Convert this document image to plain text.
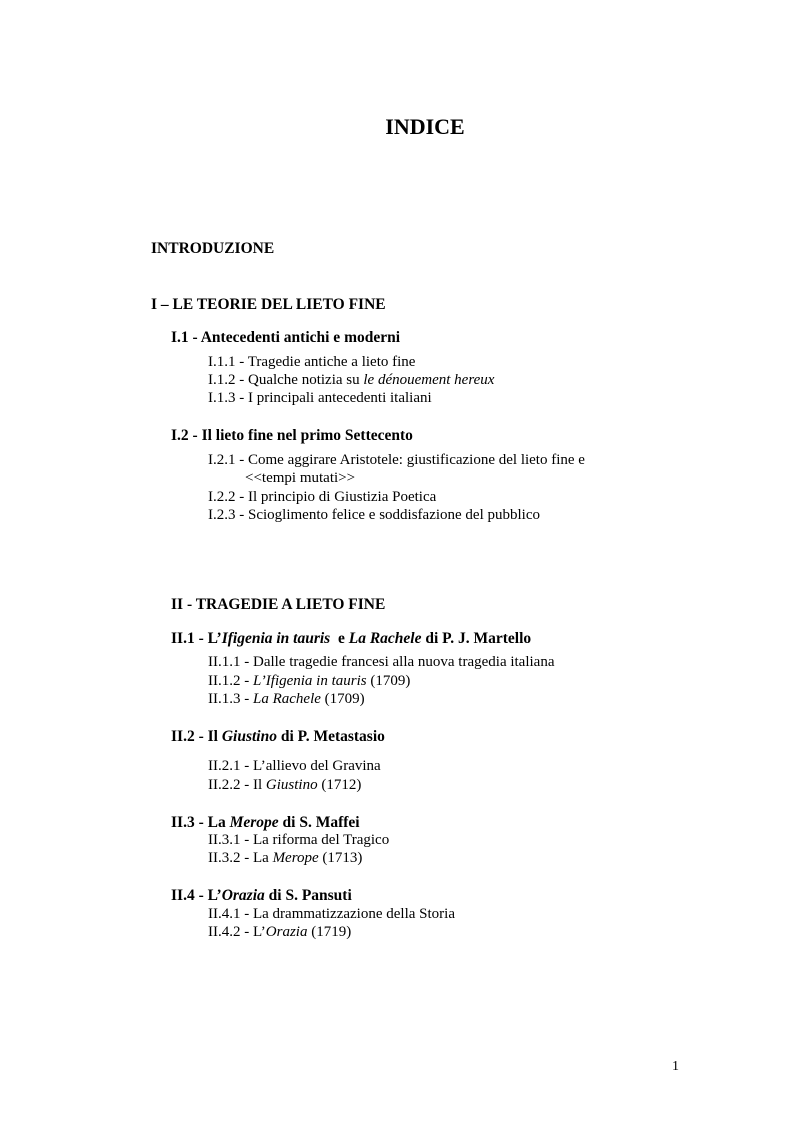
INDICE
INTRODUZIONE
I – LE TEORIE DEL LIETO FINE
I.1 - Antecedenti antichi e moderni
I.1.1 - Tragedie antiche a lieto fine
I.1.2 - Qualche notizia su le dénouement hereux
I.1.3 - I principali antecedenti italiani
I.2 - Il lieto fine nel primo Settecento
I.2.1 - Come aggirare Aristotele: giustificazione del lieto fine e
<<tempi mutati>>
I.2.2 - Il principio di Giustizia Poetica
I.2.3 - Scioglimento felice e soddisfazione del pubblico
II - TRAGEDIE A LIETO FINE
II.1 - L’Ifigenia in tauris  e La Rachele di P. J. Martello
II.1.1 - Dalle tragedie francesi alla nuova tragedia italiana
II.1.2 - L’Ifigenia in tauris (1709)
II.1.3 - La Rachele (1709)
II.2 - Il Giustino di P. Metastasio
II.2.1 - L’allievo del Gravina
II.2.2 - Il Giustino (1712)
II.3 - La Merope di S. Maffei
II.3.1 - La riforma del Tragico
II.3.2 - La Merope (1713)
II.4 - L’Orazia di S. Pansuti
II.4.1 - La drammatizzazione della Storia
II.4.2 - L’Orazia (1719)
1
